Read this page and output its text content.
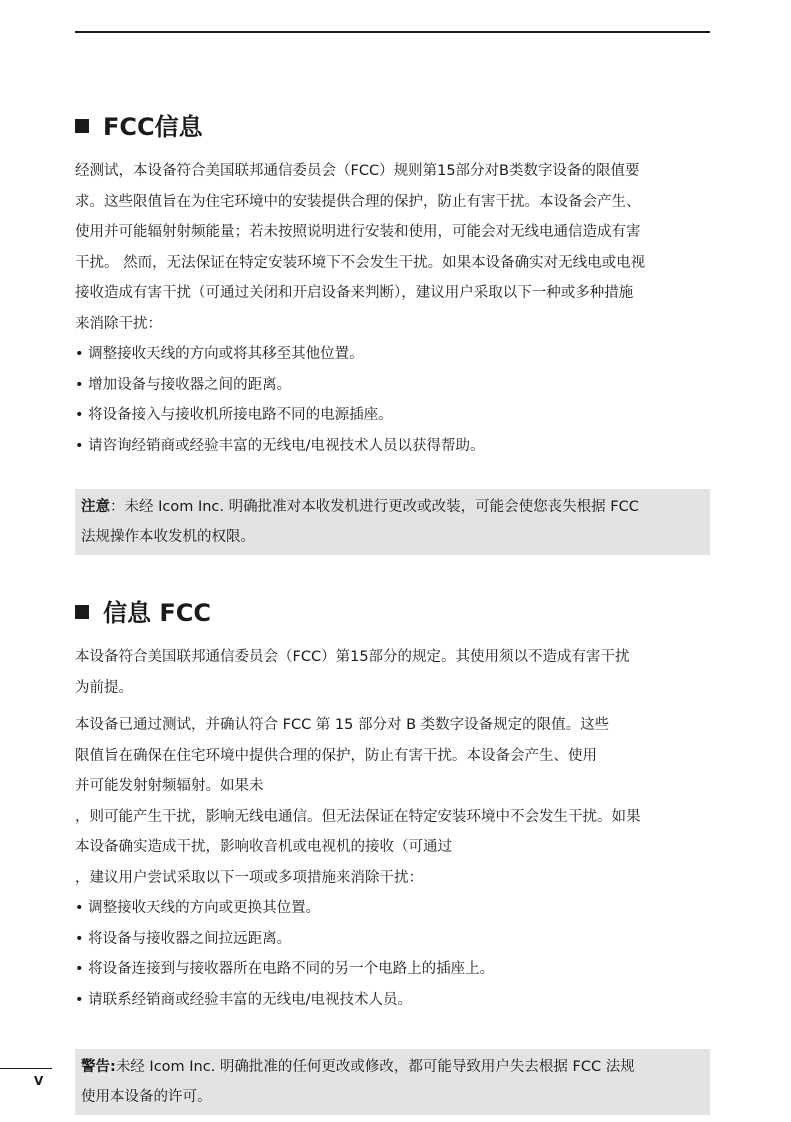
FCC信息
经测试，本设备符合美国联邦通信委员会（FCC）规则第15部分对B类数字设备的限值要
求。这些限值旨在为住宅环境中的安装提供合理的保护，防止有害干扰。本设备会产生、
使用并可能辐射射频能量；若未按照说明进行安装和使用，可能会对无线电通信造成有害
干扰。 然而，无法保证在特定安装环境下不会发生干扰。如果本设备确实对无线电或电视
接收造成有害干扰（可通过关闭和开启设备来判断），建议用户采取以下一种或多种措施
来消除干扰：
• 调整接收天线的方向或将其移至其他位置。
• 增加设备与接收器之间的距离。
• 将设备接入与接收机所接电路不同的电源插座。
• 请咨询经销商或经验丰富的无线电/电视技术人员以获得帮助。
注意：未经 Icom Inc. 明确批准对本收发机进行更改或改装，可能会使您丧失根据 FCC
法规操作本收发机的权限。
信息 FCC
本设备符合美国联邦通信委员会（FCC）第15部分的规定。其使用须以不造成有害干扰
为前提。
本设备已通过测试，并确认符合 FCC 第 15 部分对 B 类数字设备规定的限值。这些
限值旨在确保在住宅环境中提供合理的保护，防止有害干扰。本设备会产生、使用
并可能发射射频辐射。如果未
，则可能产生干扰，影响无线电通信。但无法保证在特定安装环境中不会发生干扰。如果
本设备确实造成干扰，影响收音机或电视机的接收（可通过
，建议用户尝试采取以下一项或多项措施来消除干扰：
• 调整接收天线的方向或更换其位置。
• 将设备与接收器之间拉远距离。
• 将设备连接到与接收器所在电路不同的另一个电路上的插座上。
• 请联系经销商或经验丰富的无线电/电视技术人员。
警告:未经 Icom Inc. 明确批准的任何更改或修改，都可能导致用户失去根据 FCC 法规
使用本设备的许可。
V
